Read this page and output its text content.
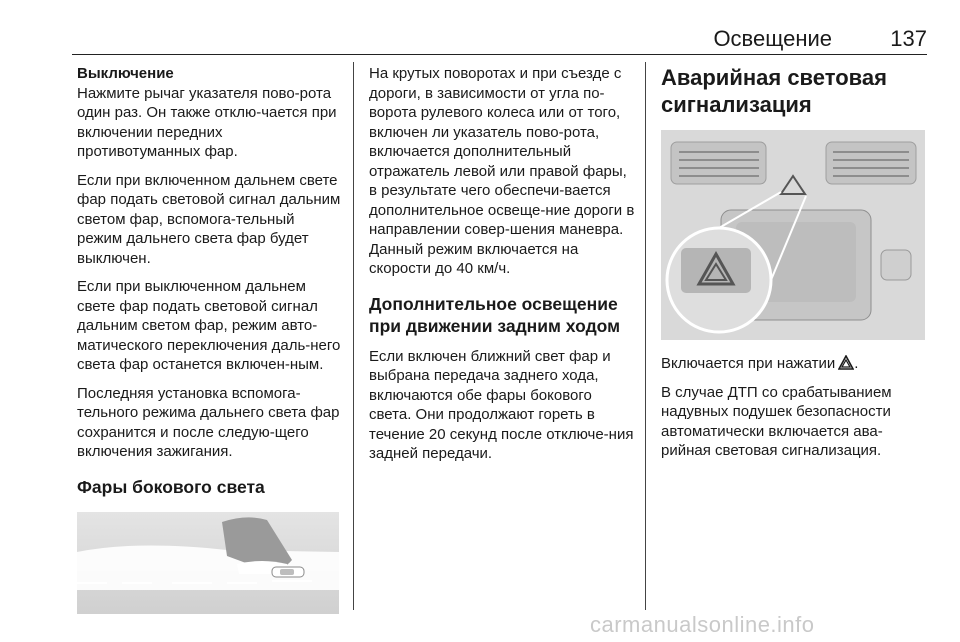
Освещение	137
Выключение

Нажмите рычаг указателя пово-рота один раз. Он также отклю-чается при включении передних противотуманных фар.

Если при включенном дальнем свете фар подать световой сигнал дальним светом фар, вспомога-тельный режим дальнего света фар будет выключен.

Если при выключенном дальнем свете фар подать световой сигнал дальним светом фар, режим авто-матического переключения даль-него света фар останется включен-ным.

Последняя установка вспомога-тельного режима дальнего света фар сохранится и после следую-щего включения зажигания.

Фары бокового света

На крутых поворотах и при съезде с дороги, в зависимости от угла по-ворота рулевого колеса или от того, включен ли указатель пово-рота, включается дополнительный отражатель левой или правой фары, в результате чего обеспечи-вается дополнительное освеще-ние дороги в направлении совер-шения маневра. Данный режим включается на скорости до 40 км/ч.

Дополнительное освещение при движении задним ходом

Если включен ближний свет фар и выбрана передача заднего хода, включаются обе фары бокового света. Они продолжают гореть в течение 20 секунд после отключе-ния задней передачи.

Аварийная световая сигнализация

Включается при нажатии .

В случае ДТП со срабатыванием надувных подушек безопасности автоматически включается ава-рийная световая сигнализация.

carmanualsonline.info
